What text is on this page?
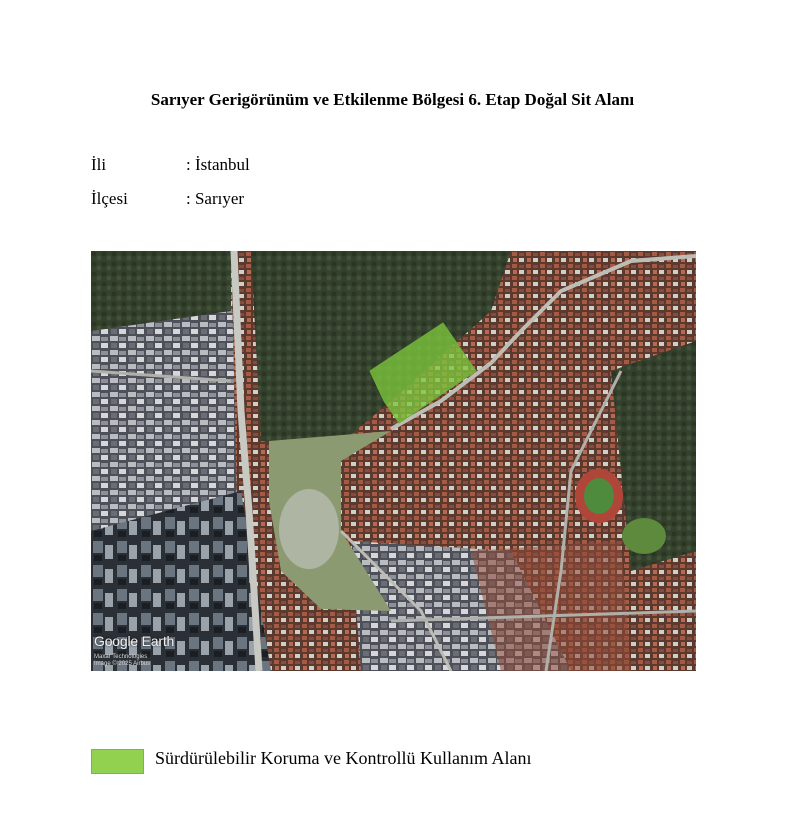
Sarıyer Gerigörünüm ve Etkilenme Bölgesi 6. Etap Doğal Sit Alanı
İli	: İstanbul
İlçesi	: Sarıyer
Google Earth
Maxar Technologies
Image © 2025 Airbus
Sürdürülebilir Koruma ve Kontrollü Kullanım Alanı
